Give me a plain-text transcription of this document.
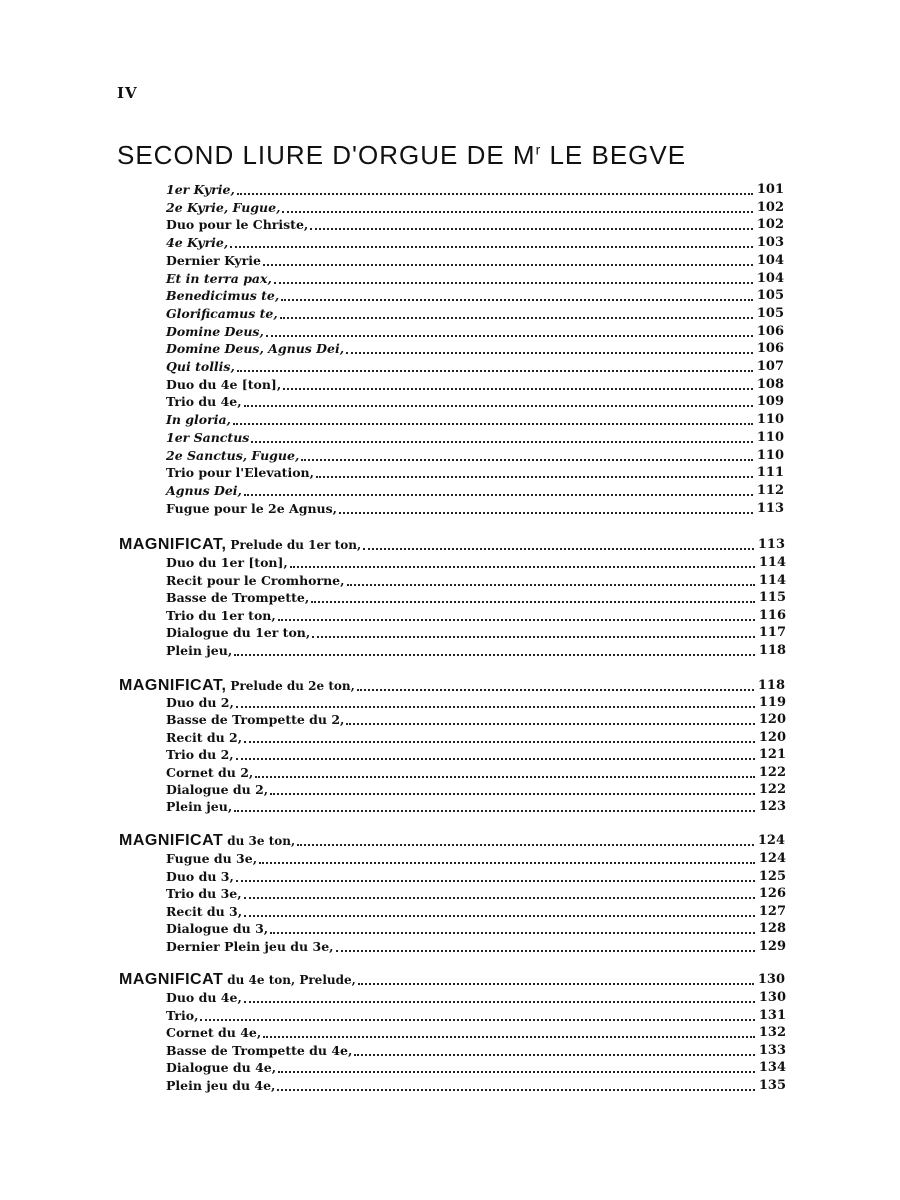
IV
SECOND LIURE D'ORGUE DE $M^r$ LE BEGVE
1er Kyrie,	101
2e Kyrie, Fugue,	102
Duo pour le Christe,	102
4e Kyrie,	103
Dernier Kyrie	104
Et in terra pax,	104
Benedicimus te,	105
Glorificamus te,	105
Domine Deus,	106
Domine Deus, Agnus Dei,	106
Qui tollis,	107
Duo du 4e [ton],	108
Trio du 4e,	109
In gloria,	110
1er Sanctus	110
2e Sanctus, Fugue,	110
Trio pour l'Elevation,	111
Agnus Dei,	112
Fugue pour le 2e Agnus,	113
MAGNIFICAT, Prelude du 1er ton,	113
Duo du 1er [ton],	114
Recit pour le Cromhorne,	114
Basse de Trompette,	115
Trio du 1er ton,	116
Dialogue du 1er ton,	117
Plein jeu,	118
MAGNIFICAT, Prelude du 2e ton,	118
Duo du 2,	119
Basse de Trompette du 2,	120
Recit du 2,	120
Trio du 2,	121
Cornet du 2,	122
Dialogue du 2,	122
Plein jeu,	123
MAGNIFICAT du 3e ton,	124
Fugue du 3e,	124
Duo du 3,	125
Trio du 3e,	126
Recit du 3,	127
Dialogue du 3,	128
Dernier Plein jeu du 3e,	129
MAGNIFICAT du 4e ton, Prelude,	130
Duo du 4e,	130
Trio,	131
Cornet du 4e,	132
Basse de Trompette du 4e,	133
Dialogue du 4e,	134
Plein jeu du 4e,	135
